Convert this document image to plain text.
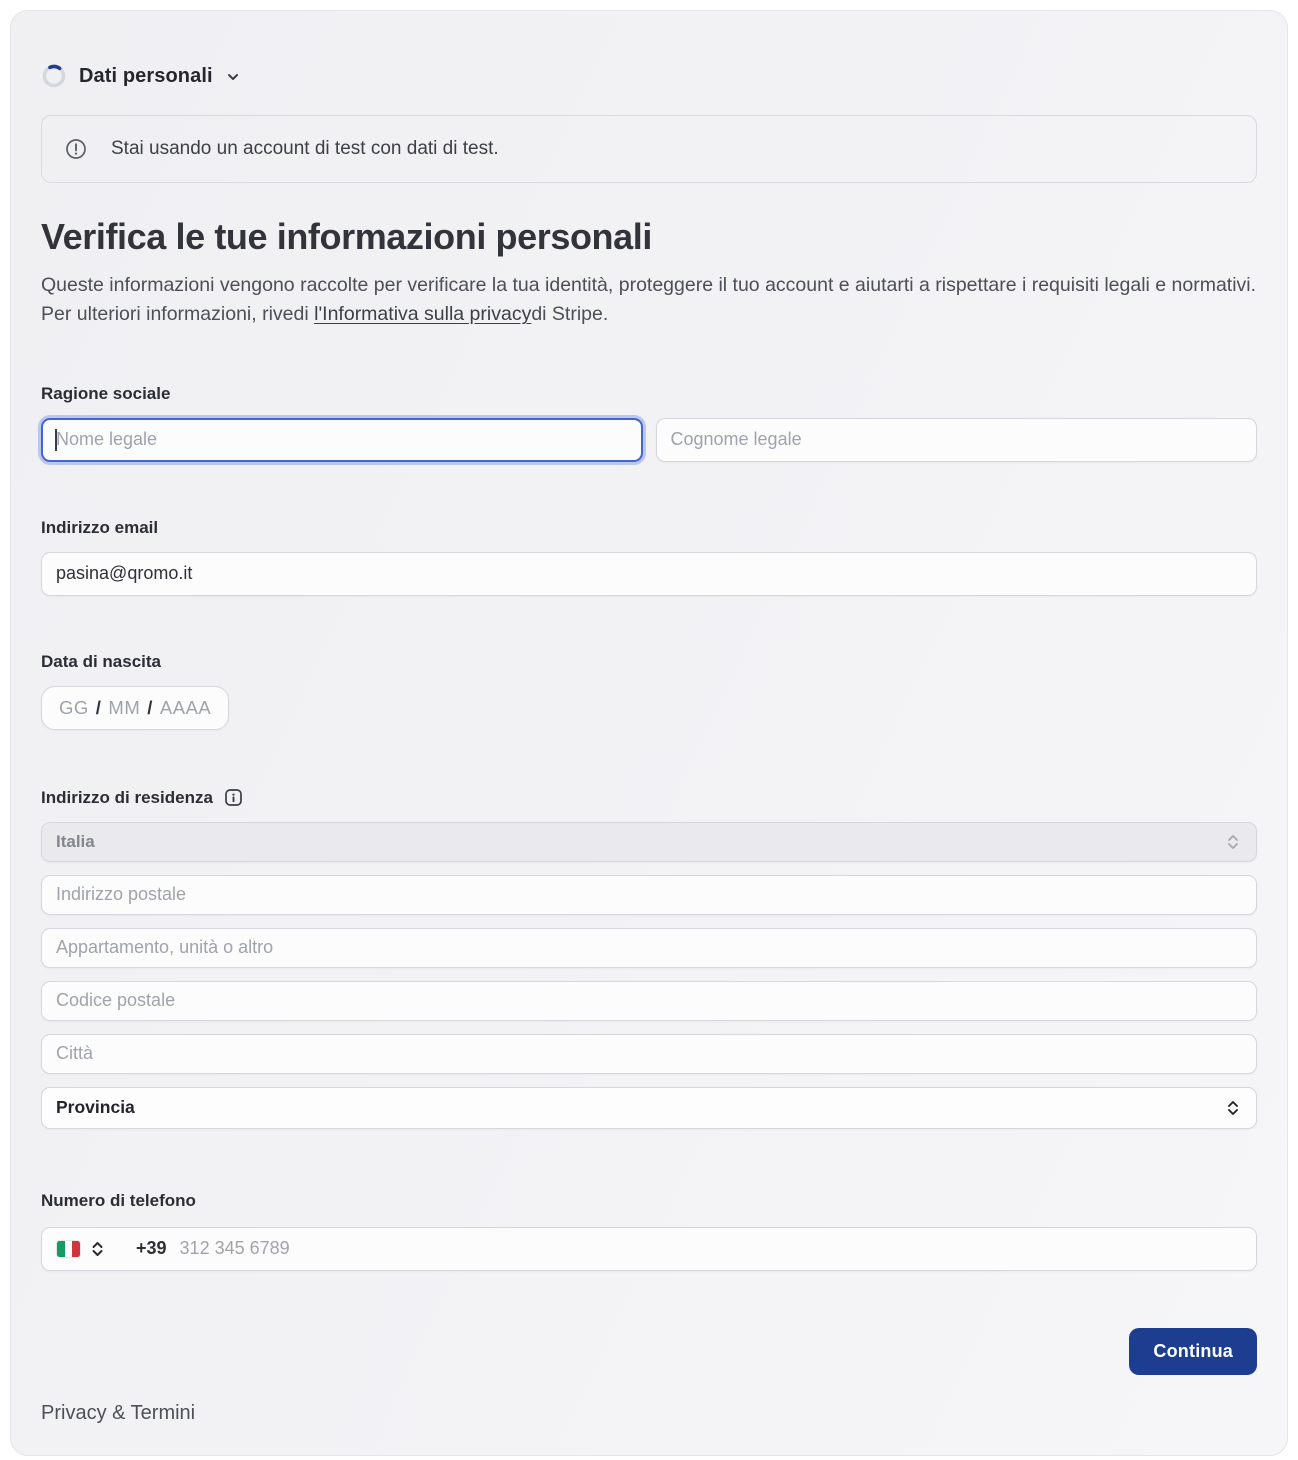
Dati personali
Stai usando un account di test con dati di test.
Verifica le tue informazioni personali

Queste informazioni vengono raccolte per verificare la tua identità, proteggere il tuo account e aiutarti a rispettare i requisiti legali e normativi. Per ulteriori informazioni, rivedi l'Informativa sulla privacydi Stripe.

Ragione sociale
Nome legale
Cognome legale
Indirizzo email
pasina@qromo.it
Data di nascita
GG / MM / AAAA
Indirizzo di residenza
Italia
Indirizzo postale
Appartamento, unità o altro
Codice postale
Città
Provincia
Numero di telefono
+39
312 345 6789
Continua
Privacy & Termini
